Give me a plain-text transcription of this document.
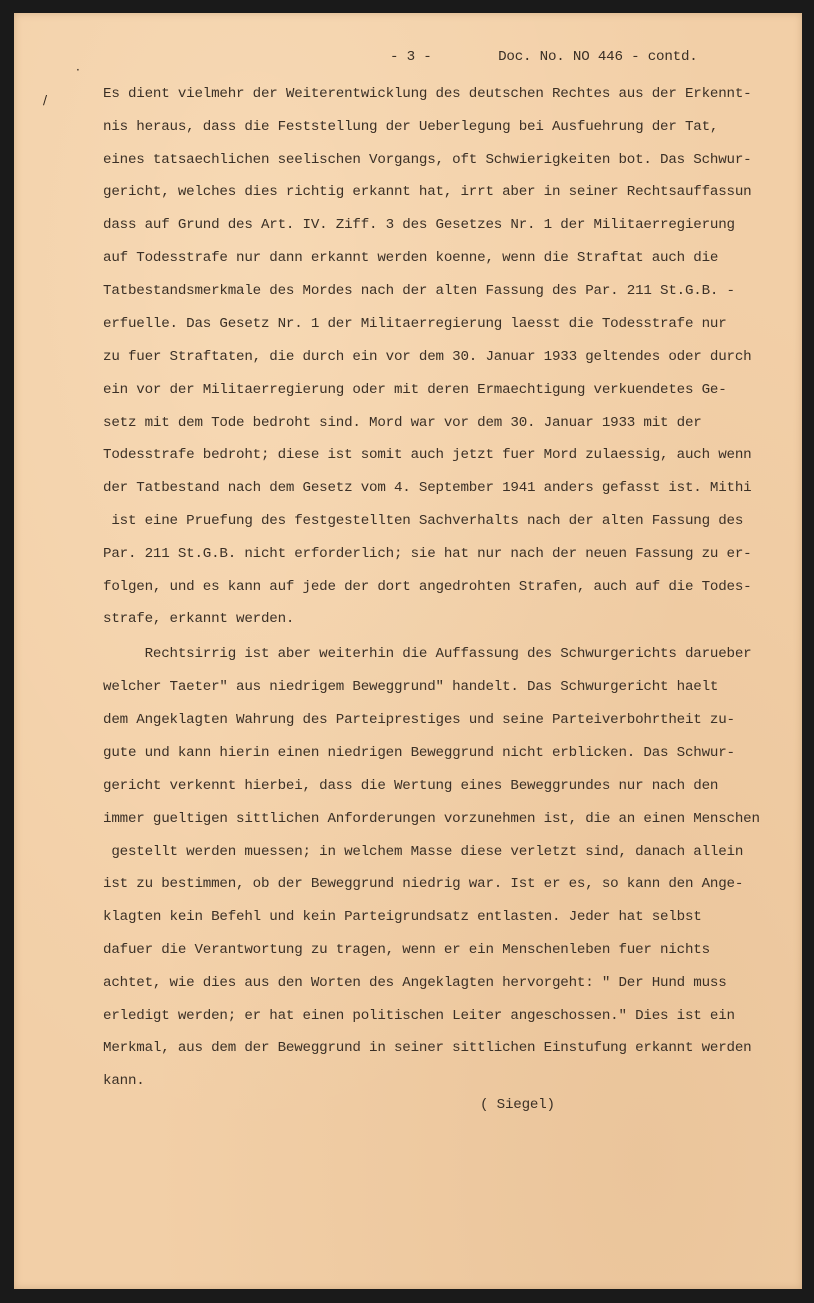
·
/
- 3 -        Doc. No. NO 446 - contd.
Es dient vielmehr der Weiterentwicklung des deutschen Rechtes aus der Erkennt-
nis heraus, dass die Feststellung der Ueberlegung bei Ausfuehrung der Tat,
eines tatsaechlichen seelischen Vorgangs, oft Schwierigkeiten bot. Das Schwur-
gericht, welches dies richtig erkannt hat, irrt aber in seiner Rechtsauffassun
dass auf Grund des Art. IV. Ziff. 3 des Gesetzes Nr. 1 der Militaerregierung
auf Todesstrafe nur dann erkannt werden koenne, wenn die Straftat auch die
Tatbestandsmerkmale des Mordes nach der alten Fassung des Par. 211 St.G.B. -
erfuelle. Das Gesetz Nr. 1 der Militaerregierung laesst die Todesstrafe nur
zu fuer Straftaten, die durch ein vor dem 30. Januar 1933 geltendes oder durch
ein vor der Militaerregierung oder mit deren Ermaechtigung verkuendetes Ge-
setz mit dem Tode bedroht sind. Mord war vor dem 30. Januar 1933 mit der
Todesstrafe bedroht; diese ist somit auch jetzt fuer Mord zulaessig, auch wenn
der Tatbestand nach dem Gesetz vom 4. September 1941 anders gefasst ist. Mithi
ist eine Pruefung des festgestellten Sachverhalts nach der alten Fassung des
Par. 211 St.G.B. nicht erforderlich; sie hat nur nach der neuen Fassung zu er-
folgen, und es kann auf jede der dort angedrohten Strafen, auch auf die Todes-
strafe, erkannt werden.
Rechtsirrig ist aber weiterhin die Auffassung des Schwurgerichts darueber
welcher Taeter" aus niedrigem Beweggrund" handelt. Das Schwurgericht haelt
dem Angeklagten Wahrung des Parteiprestiges und seine Parteiverbohrtheit zu-
gute und kann hierin einen niedrigen Beweggrund nicht erblicken. Das Schwur-
gericht verkennt hierbei, dass die Wertung eines Beweggrundes nur nach den
immer gueltigen sittlichen Anforderungen vorzunehmen ist, die an einen Menschen
gestellt werden muessen; in welchem Masse diese verletzt sind, danach allein
ist zu bestimmen, ob der Beweggrund niedrig war. Ist er es, so kann den Ange-
klagten kein Befehl und kein Parteigrundsatz entlasten. Jeder hat selbst
dafuer die Verantwortung zu tragen, wenn er ein Menschenleben fuer nichts
achtet, wie dies aus den Worten des Angeklagten hervorgeht: " Der Hund muss
erledigt werden; er hat einen politischen Leiter angeschossen." Dies ist ein
Merkmal, aus dem der Beweggrund in seiner sittlichen Einstufung erkannt werden
kann.
( Siegel)
